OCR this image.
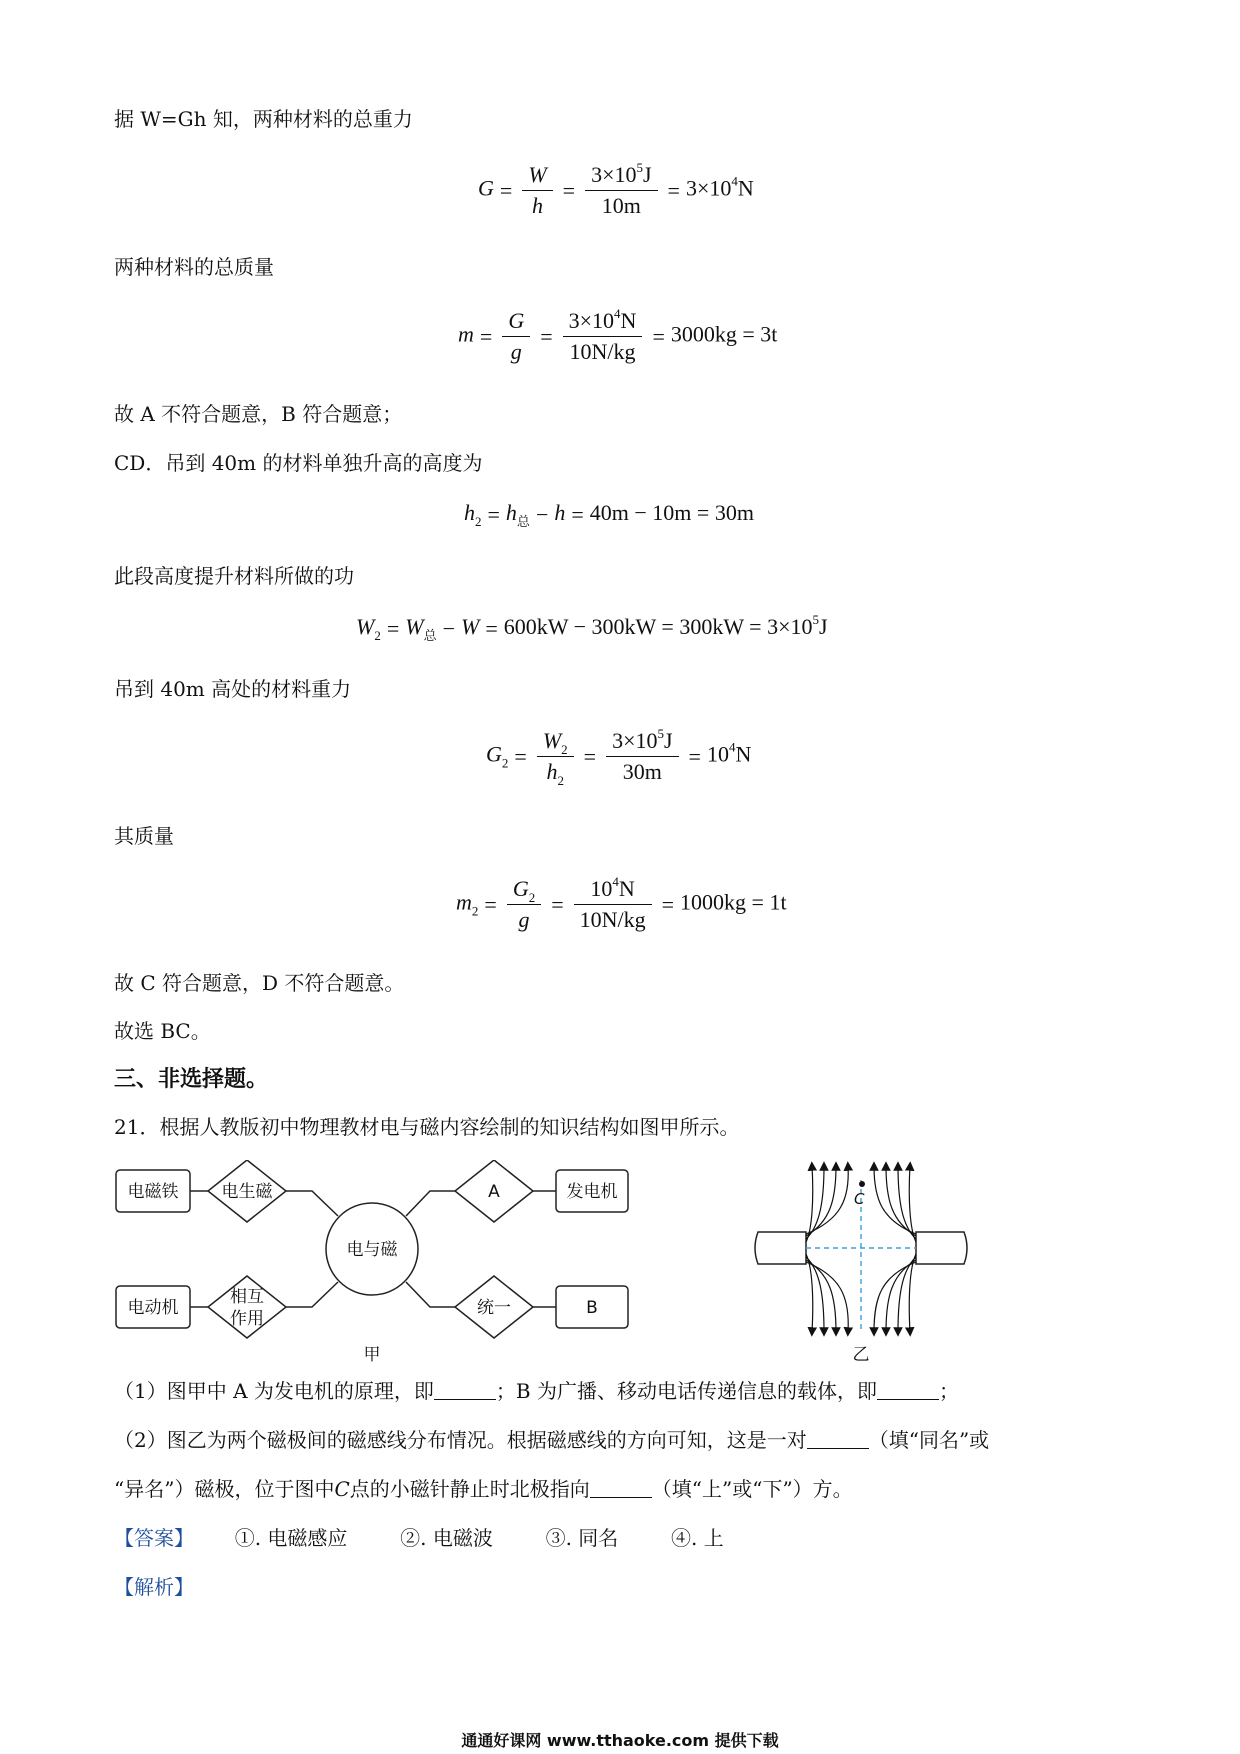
据 W=Gh 知，两种材料的总重力
$G = \frac{W}{h} = \frac{3\times 10^5J}{10m} = 3\times 10^4N$
两种材料的总质量
$m = \frac{G}{g} = \frac{3\times 10^4N}{10N/kg} = 3000kg = 3t$
故 A 不符合题意，B 符合题意；
CD．吊到 40m 的材料单独升高的高度为
$h_2 = h_总 - h = 40m - 10m = 30m$
此段高度提升材料所做的功
$W_2 = W_总 - W = 600kW - 300kW = 300kW = 3\times 10^5J$
吊到 40m 高处的材料重力
$G_2 = \frac{W_2}{h_2} = \frac{3\times 10^5J}{30m} = 10^4N$
其质量
$m_2 = \frac{G_2}{g} = \frac{10^4N}{10N/kg} = 1000kg = 1t$
故 C 符合题意，D 不符合题意。
故选 BC。
三、非选择题。
21．根据人教版初中物理教材电与磁内容绘制的知识结构如图甲所示。
电磁铁	电生磁
电动机
相互
作用
电与磁
A	发电机
统一	B
甲
C
乙
（1）图甲中 A 为发电机的原理，即	；B 为广播、移动电话传递信息的载体，即	；
（2）图乙为两个磁极间的磁感线分布情况。根据磁感线的方向可知，这是一对	（填“同名”或
“异名”）磁极，位于图中C点的小磁针静止时北极指向	（填“上”或“下”）方。
【答案】 ①. 电磁感应	②. 电磁波	③. 同名	④. 上
【解析】
通通好课网 www.tthaoke.com 提供下载
